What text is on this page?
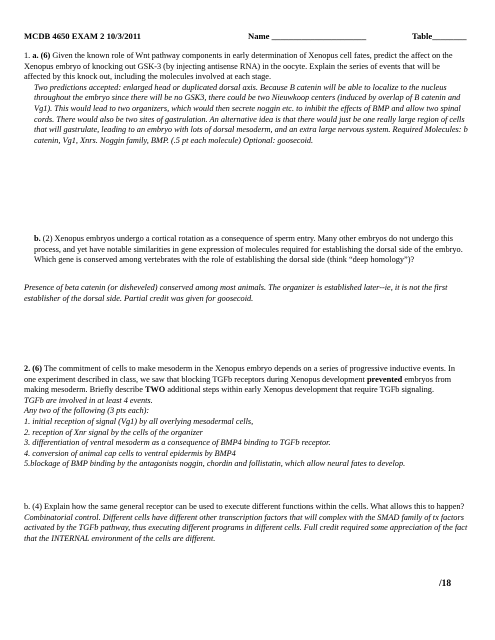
MCDB 4650 EXAM 2 10/3/2011	Name ______________________	Table________
1. a. (6) Given the known role of Wnt pathway components in early determination of Xenopus cell fates, predict the affect on the Xenopus embryo of knocking out GSK-3 (by injecting antisense RNA) in the oocyte. Explain the series of events that will be affected by this knock out, including the molecules involved at each stage.
Two predictions accepted: enlarged head or duplicated dorsal axis. Because B catenin will be able to localize to the nucleus throughout the embryo since there will be no GSK3, there could be two Nieuwkoop centers (induced by overlap of B catenin and Vg1). This would lead to two organizers, which would then secrete noggin etc. to inhibit the effects of BMP and allow two spinal cords. There would also be two sites of gastrulation. An alternative idea is that there would just be one really large region of cells that will gastrulate, leading to an embryo with lots of dorsal mesoderm, and an extra large nervous system. Required Molecules: b catenin, Vg1, Xnrs. Noggin family, BMP. (.5 pt each molecule) Optional: goosecoid.
b. (2) Xenopus embryos undergo a cortical rotation as a consequence of sperm entry. Many other embryos do not undergo this process, and yet have notable similarities in gene expression of molecules required for establishing the dorsal side of the embryo. Which gene is conserved among vertebrates with the role of establishing the dorsal side (think “deep homology”)?
Presence of beta catenin (or disheveled) conserved among most animals. The organizer is established later--ie, it is not the first establisher of the dorsal side. Partial credit was given for goosecoid.
2. (6) The commitment of cells to make mesoderm in the Xenopus embryo depends on a series of progressive inductive events. In one experiment described in class, we saw that blocking TGFb receptors during Xenopus development prevented embryos from making mesoderm. Briefly describe TWO additional steps within early Xenopus development that require TGFb signaling.
TGFb are involved in at least 4 events.
Any two of the following (3 pts each):
1. initial reception of signal (Vg1) by all overlying mesodermal cells,
2. reception of Xnr signal by the cells of the organizer
3. differentiation of ventral mesoderm as a consequence of BMP4 binding to TGFb receptor.
4. conversion of animal cap cells to ventral epidermis by BMP4
5.blockage of BMP binding by the antagonists noggin, chordin and follistatin, which allow neural fates to develop.
b. (4) Explain how the same general receptor can be used to execute different functions within the cells. What allows this to happen?
Combinatorial control. Different cells have different other transcription factors that will complex with the SMAD family of tx factors activated by the TGFb pathway, thus executing different programs in different cells. Full credit required some appreciation of the fact that the INTERNAL environment of the cells are different.
/18
